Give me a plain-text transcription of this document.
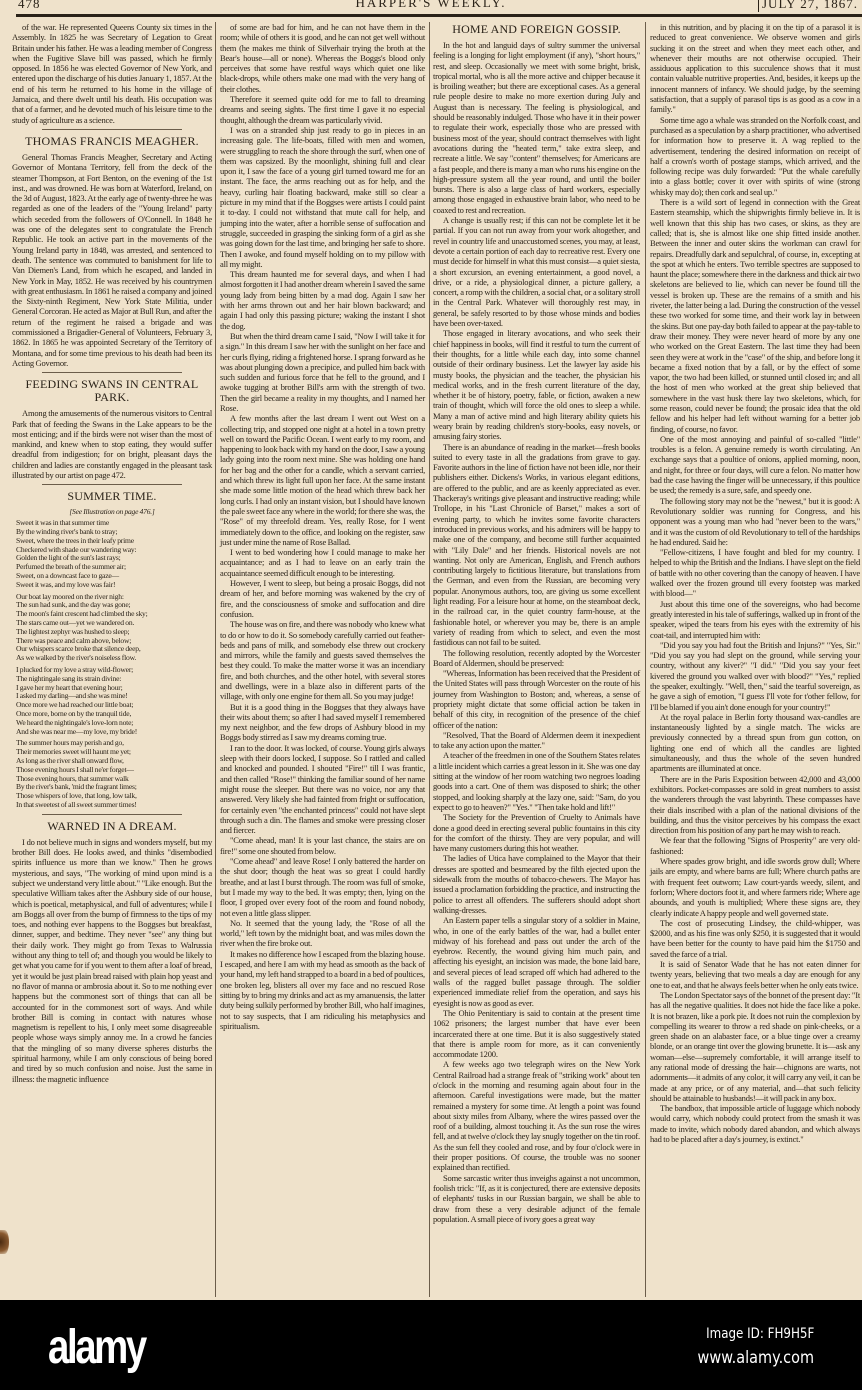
478	HARPER'S WEEKLY.	JULY 27, 1867.

of the war. He represented Queens County six times in the Assembly. In 1825 he was Secretary of Legation to Great Britain under his father. He was a leading member of Congress when the Fugitive Slave bill was passed, which he firmly opposed. In 1856 he was elected Governor of New York, and entered upon the discharge of his duties January 1, 1857. At the end of his term he returned to his home in the village of Jamaica, and there dwelt until his death. His occupation was that of a farmer, and he devoted much of his leisure time to the study of agriculture as a science.

THOMAS FRANCIS MEAGHER.

General Thomas Francis Meagher, Secretary and Acting Governor of Montana Territory, fell from the deck of the steamer Thompson, at Fort Benton, on the evening of the 1st inst., and was drowned. He was born at Waterford, Ireland, on the 3d of August, 1823. At the early age of twenty-three he was regarded as one of the leaders of the "Young Ireland" party which seceded from the followers of O'Connell. In 1848 he was one of the delegates sent to congratulate the French Republic. He took an active part in the movements of the Young Ireland party in 1848, was arrested, and sentenced to death. The sentence was commuted to banishment for life to Van Diemen's Land, from which he escaped, and landed in New York in May, 1852. He was received by his countrymen with great enthusiasm. In 1861 he raised a company and joined the Sixty-ninth Regiment, New York State Militia, under General Corcoran. He acted as Major at Bull Run, and after the return of the regiment he raised a brigade and was commissioned a Brigadier-General of Volunteers, February 3, 1862. In 1865 he was appointed Secretary of the Territory of Montana, and for some time previous to his death had been its Acting Governor.

FEEDING SWANS IN CENTRAL PARK.

Among the amusements of the numerous visitors to Central Park that of feeding the Swans in the Lake appears to be the most enticing; and if the birds were not wiser than the most of mankind, and knew when to stop eating, they would suffer dreadful from indigestion; for on bright, pleasant days the children and ladies are constantly engaged in the pleasant task illustrated by our artist on page 472.

SUMMER TIME.
[See Illustration on page 476.]
Sweet it was in that summer time
By the winding river's bank to stray;
Sweet, where the trees in their leafy prime
Checkered with shade our wandering way:
Golden the light of the sun's last rays;
Perfumed the breath of the summer air;
Sweet, on a downcast face to gaze—
Sweet it was, and my love was fair!
Our boat lay moored on the river nigh:
The sun had sunk, and the day was gone;
The moon's faint crescent had climbed the sky;
The stars came out—yet we wandered on.
The lightest zephyr was hushed to sleep;
There was peace and calm above, below;
Our whispers scarce broke that silence deep,
As we walked by the river's noiseless flow.
I plucked for my love a stray wild-flower;
The nightingale sang its strain divine:
I gave her my heart that evening hour;
I asked my darling—and she was mine!
Once more we had reached our little boat;
Once more, borne on by the tranquil tide,
We heard the nightingale's love-lorn note;
And she was near me—my love, my bride!
The summer hours may perish and go,
Their memories sweet will haunt me yet;
As long as the river shall onward flow,
Those evening hours I shall ne'er forget—
Those evening hours, that summer walk
By the river's bank, 'mid the fragrant limes;
Those whispers of love, that long, low talk,
In that sweetest of all sweet summer times!
WARNED IN A DREAM.

I do not believe much in signs and wonders myself, but my brother Bill does. He looks awed, and thinks "disembodied spirits influence us more than we know." Then he grows mysterious, and says, "The working of mind upon mind is a subject we understand very little about." "Like enough. But the speculative William takes after the Ashbury side of our house, which is poetical, metaphysical, and full of adventures; while I am Boggs all over from the bump of firmness to the tips of my toes, and nothing ever happens to the Boggses but breakfast, dinner, supper, and bedtime. They never "see" any thing but their daily work. They might go from Texas to Walrussia without any thing to tell of; and though you would be likely to get what you came for if you went to them after a loaf of bread, yet it would be just plain bread raised with plain hop yeast and no flavor of manna or ambrosia about it. So to me nothing ever happens but the commonest sort of things that can all be accounted for in the commonest sort of ways. And while brother Bill is coming in contact with natures whose magnetism is repellent to his, I only meet some disagreeable people whose ways simply annoy me. In a crowd he fancies that the mingling of so many diverse spheres disturbs the spiritual harmony, while I am only conscious of being bored and tired by so much confusion and noise. Just the same in illness: the magnetic influence

of some are bad for him, and he can not have them in the room; while of others it is good, and he can not get well without them (he makes me think of Silverhair trying the broth at the Bear's house—all or none). Whereas the Boggs's blood only perceives that some have restful ways which quiet one like black-drops, while others make one mad with the very hang of their clothes.

Therefore it seemed quite odd for me to fall to dreaming dreams and seeing sights. The first time I gave it no especial thought, although the dream was particularly vivid.

I was on a stranded ship just ready to go in pieces in an increasing gale. The life-boats, filled with men and women, were struggling to reach the shore through the surf, when one of them was capsized. By the moonlight, shining full and clear upon it, I saw the face of a young girl turned toward me for an instant. The face, the arms reaching out as for help, and the heavy, curling hair floating backward, make still so clear a picture in my mind that if the Boggses were artists I could paint it to-day. I could not withstand that mute call for help, and jumping into the water, after a horrible sense of suffocation and struggle, succeeded in grasping the sinking form of a girl as she was going down for the last time, and bringing her safe to shore. Then I awoke, and found myself holding on to my pillow with all my might.

This dream haunted me for several days, and when I had almost forgotten it I had another dream wherein I saved the same young lady from being bitten by a mad dog. Again I saw her with her arms thrown out and her hair blown backward; and again I had only this passing picture; waking the instant I shot the dog.

But when the third dream came I said, "Now I will take it for a sign." In this dream I saw her with the sunlight on her face and her curls flying, riding a frightened horse. I sprang forward as he was about plunging down a precipice, and pulled him back with such sudden and furious force that he fell to the ground, and I awoke tugging at brother Bill's arm with the strength of two. Then the girl became a reality in my thoughts, and I named her Rose.

A few months after the last dream I went out West on a collecting trip, and stopped one night at a hotel in a town pretty well on toward the Pacific Ocean. I went early to my room, and happening to look back with my hand on the door, I saw a young lady going into the room next mine. She was holding one hand for her bag and the other for a candle, which a servant carried, and which threw its light full upon her face. At the same instant she made some little motion of the head which threw back her long curls. I had only an instant vision, but I should have known the pale sweet face any where in the world; for there she was, the "Rose" of my threefold dream. Yes, really Rose, for I went immediately down to the office, and looking on the register, saw just under mine the name of Rose Ballad.

I went to bed wondering how I could manage to make her acquaintance; and as I had to leave on an early train the acquaintance seemed difficult enough to be interesting.

However, I went to sleep, but being a prosaic Boggs, did not dream of her, and before morning was wakened by the cry of fire, and the consciousness of smoke and suffocation and dire confusion.

The house was on fire, and there was nobody who knew what to do or how to do it. So somebody carefully carried out feather-beds and pans of milk, and somebody else threw out crockery and mirrors, while the family and guests saved themselves the best they could. To make the matter worse it was an incendiary fire, and both churches, and the other hotel, with several stores and dwellings, were in a blaze also in different parts of the village, with only one engine for them all. So you may judge!

But it is a good thing in the Boggses that they always have their wits about them; so after I had saved myself I remembered my next neighbor, and the few drops of Ashbury blood in my Boggs body stirred as I saw my dreams coming true.

I ran to the door. It was locked, of course. Young girls always sleep with their doors locked, I suppose. So I rattled and called and knocked and pounded. I shouted "Fire!" till I was frantic, and then called "Rose!" thinking the familiar sound of her name might rouse the sleeper. But there was no voice, nor any that answered. Very likely she had fainted from fright or suffocation, for certainly even "the enchanted princess" could not have slept through such a din. The flames and smoke were pressing closer and fiercer.

"Come ahead, man! It is your last chance, the stairs are on fire!" some one shouted from below.

"Come ahead" and leave Rose! I only battered the harder on the shut door; though the heat was so great I could hardly breathe, and at last I burst through. The room was full of smoke, but I made my way to the bed. It was empty; then, lying on the floor, I groped over every foot of the room and found nobody, not even a little glass slipper.

No. It seemed that the young lady, the "Rose of all the world," left town by the midnight boat, and was miles down the river when the fire broke out.

It makes no difference how I escaped from the blazing house. I escaped, and here I am with my head as smooth as the back of your hand, my left hand strapped to a board in a bed of poultices, one broken leg, blisters all over my face and no rescued Rose sitting by to bring my drinks and act as my amanuensis, the latter duty being sulkily performed by brother Bill, who half imagines, not to say suspects, that I am ridiculing his metaphysics and spiritualism.

HOME AND FOREIGN GOSSIP.

In the hot and languid days of sultry summer the universal feeling is a longing for light employment (if any), "short hours," rest, and sleep. Occasionally we meet with some bright, brisk, tropical mortal, who is all the more active and chipper because it is broiling weather; but there are exceptional cases. As a general rule people desire to make no more exertion during July and August than is necessary. The feeling is physiological, and should be reasonably indulged. Those who have it in their power to regulate their work, especially those who are pressed with business most of the year, should contract themselves with light avocations during the "heated term," take extra sleep, and recreate a little. We say "content" themselves; for Americans are a fast people, and there is many a man who runs his engine on the high-pressure system all the year round, and until the boiler bursts. There is also a large class of hard workers, especially among those engaged in exhaustive brain labor, who need to be coaxed to rest and recreation.

A change is usually rest; if this can not be complete let it be partial. If you can not run away from your work altogether, and revel in country life and unaccustomed scenes, you may, at least, devote a certain portion of each day to recreative rest. Every one must decide for himself in what this must consist—a quiet siesta, a short excursion, an evening entertainment, a good novel, a drive, or a ride, a physiological dinner, a picture gallery, a concert, a romp with the children, a social chat, or a solitary stroll in the Central Park. Whatever will thoroughly rest may, in general, be safely resorted to by those whose minds and bodies have been over-taxed.

Those engaged in literary avocations, and who seek their chief happiness in books, will find it restful to turn the current of their thoughts, for a little while each day, into some channel outside of their ordinary business. Let the lawyer lay aside his musty books, the physician and the teacher, the physician his medical works, and in the fresh current literature of the day, whether it be of history, poetry, fable, or fiction, awaken a new train of thought, which will force the old ones to sleep a while. Many a man of active mind and high literary ability quiets his weary brain by reading children's story-books, easy novels, or amusing fairy stories.

There is an abundance of reading in the market—fresh books suited to every taste in all the gradations from grave to gay. Favorite authors in the line of fiction have not been idle, nor their publishers either. Dickens's Works, in various elegant editions, are offered to the public, and are as keenly appreciated as ever. Thackeray's writings give pleasant and instructive reading; while Trollope, in his "Last Chronicle of Barset," makes a sort of evening party, to which he invites some favorite characters introduced in previous works, and his admirers will be happy to make one of the company, and become still further acquainted with "Lily Dale" and her friends. Historical novels are not wanting. Not only are American, English, and French authors contributing largely to fictitious literature, but translations from the German, and even from the Russian, are becoming very popular. Anonymous authors, too, are giving us some excellent light reading. For a leisure hour at home, on the steamboat deck, in the railroad car, in the quiet country farm-house, at the fashionable hotel, or wherever you may be, there is an ample variety of reading from which to select, and even the most fastidious can not fail to be suited.

The following resolution, recently adopted by the Worcester Board of Aldermen, should be preserved:

"Whereas, Information has been received that the President of the United States will pass through Worcester on the route of his journey from Washington to Boston; and, whereas, a sense of propriety might dictate that some official action be taken in behalf of this city, in recognition of the presence of the chief officer of the nation:

"Resolved, That the Board of Aldermen deem it inexpedient to take any action upon the matter."

A teacher of the freedmen in one of the Southern States relates a little incident which carries a great lesson in it. She was one day sitting at the window of her room watching two negroes loading goods into a cart. One of them was disposed to shirk; the other stopped, and looking sharply at the lazy one, said: "Sam, do you expect to go to heaven?" "Yes." "Then take hold and lift!"

The Society for the Prevention of Cruelty to Animals have done a good deed in erecting several public fountains in this city for the comfort of the thirsty. They are very popular, and will have many customers during this hot weather.

The ladies of Utica have complained to the Mayor that their dresses are spotted and besmeared by the filth ejected upon the sidewalk from the mouths of tobacco-chewers. The Mayor has issued a proclamation forbidding the practice, and instructing the police to arrest all offenders. The sufferers should adopt short walking-dresses.

An Eastern paper tells a singular story of a soldier in Maine, who, in one of the early battles of the war, had a bullet enter midway of his forehead and pass out under the arch of the eyebrow. Recently, the wound giving him much pain, and affecting his eyesight, an incision was made, the bone laid bare, and several pieces of lead scraped off which had adhered to the walls of the ragged bullet passage through. The soldier experienced immediate relief from the operation, and says his eyesight is now as good as ever.

The Ohio Penitentiary is said to contain at the present time 1062 prisoners; the largest number that have ever been incarcerated there at one time. But it is also suggestively stated that there is ample room for more, as it can conveniently accommodate 1200.

A few weeks ago two telegraph wires on the New York Central Railroad had a strange freak of "striking work" about ten o'clock in the morning and resuming again about four in the afternoon. Careful investigations were made, but the matter remained a mystery for some time. At length a point was found about sixty miles from Albany, where the wires passed over the roof of a building, almost touching it. As the sun rose the wires fell, and at twelve o'clock they lay snugly together on the tin roof. As the sun fell they cooled and rose, and by four o'clock were in their proper positions. Of course, the trouble was no sooner explained than rectified.

Some sarcastic writer thus inveighs against a not uncommon, foolish trick: "If, as it is conjectured, there are extensive deposits of elephants' tusks in our Russian bargain, we shall be able to draw from these a very desirable adjunct of the female population. A small piece of ivory goes a great way

in this nutrition, and by placing it on the tip of a parasol it is reduced to great convenience. We observe women and girls sucking it on the street and when they meet each other, and whenever their mouths are not otherwise occupied. Their assiduous application to this succulence shows that it must contain valuable nutritive properties. And, besides, it keeps up the innocent manners of infancy. We should judge, by the seeming satisfaction, that a supply of parasol tips is as good as a cow in a family."

Some time ago a whale was stranded on the Norfolk coast, and purchased as a speculation by a sharp practitioner, who advertised for information how to preserve it. A wag replied to the advertisement, tendering the desired information on receipt of half a crown's worth of postage stamps, which arrived, and the following recipe was duly forwarded: "Put the whale carefully into a glass bottle; cover it over with spirits of wine (strong whisky may do); then cork and seal up."

There is a wild sort of legend in connection with the Great Eastern steamship, which the shipwrights firmly believe in. It is well known that this ship has two cases, or skins, as they are called; that is, she is almost like one ship fitted inside another. Between the inner and outer skins the workman can crawl for repairs. Dreadfully dark and sepulchral, of course, in, excepting at the spot at which he enters. Two terrible spectres are supposed to haunt the place; somewhere there in the darkness and thick air two skeletons are believed to lie, which can never be found till the vessel is broken up. These are the remains of a smith and his riveter, the latter being a lad. During the construction of the vessel these two worked for some time, and their work lay in between the skins. But one pay-day both failed to appear at the pay-table to draw their money. They were never heard of more by any one who worked on the Great Eastern. The last time they had been seen they were at work in the "case" of the ship, and before long it became a fixed notion that by a fall, or by the effect of some vapor, the two had been killed, or stunned until closed in; and all the host of men who worked at the great ship believed that somewhere in the vast husk there lay two skeletons, which, for some reason, could never be found; the prosaic idea that the old fellow and his helper had left without warning for a better job finding, of course, no favor.

One of the most annoying and painful of so-called "little" troubles is a felon. A genuine remedy is worth circulating. An exchange says that a poultice of onions, applied morning, noon, and night, for three or four days, will cure a felon. No matter how bad the case having the finger will be unnecessary, if this poultice be used; the remedy is a sure, safe, and speedy one.

The following story may not be the "newest," but it is good: A Revolutionary soldier was running for Congress, and his opponent was a young man who had "never been to the wars," and it was the custom of old Revolutionary to tell of the hardships he had endured. Said he:

"Fellow-citizens, I have fought and bled for my country. I helped to whip the British and the Indians. I have slept on the field of battle with no other covering than the canopy of heaven. I have walked over the frozen ground till every footstep was marked with blood—"

Just about this time one of the sovereigns, who had become greatly interested in his tale of sufferings, walked up in front of the speaker, wiped the tears from his eyes with the extremity of his coat-tail, and interrupted him with:

"Did you say you had fout the British and Injuns?" "Yes, Sir." "Did you say you had slept on the ground, while serving your country, without any kiver?" "I did." "Did you say your feet kivered the ground you walked over with blood?" "Yes," replied the speaker, exultingly. "Well, then," said the tearful sovereign, as he gave a sigh of emotion, "I guess I'll vote for t'other fellow, for I'll be blamed if you ain't done enough for your country!"

At the royal palace in Berlin forty thousand wax-candles are instantaneously lighted by a single match. The wicks are previously connected by a thread spun from gun cotton, on lighting one end of which all the candles are lighted simultaneously, and thus the whole of the seven hundred apartments are illuminated at once.

There are in the Paris Exposition between 42,000 and 43,000 exhibitors. Pocket-compasses are sold in great numbers to assist the wanderers through the vast labyrinth. These compasses have their dials inscribed with a plan of the national divisions of the building, and thus the visitor perceives by his compass the exact direction from his position of any part he may wish to reach.

We fear that the following "Signs of Prosperity" are very old-fashioned:

Where spades grow bright, and idle swords grow dull; Where jails are empty, and where barns are full; Where church paths are with frequent feet outworn; Law court-yards weedy, silent, and forlorn; Where doctors foot it, and where farmers ride; Where age abounds, and youth is multiplied; Where these signs are, they clearly indicate A happy people and well governed state.

The cost of prosecuting Lindsey, the child-whipper, was $2000, and as his fine was only $250, it is suggested that it would have been better for the county to have paid him the $1750 and saved the farce of a trial.

It is said of Senator Wade that he has not eaten dinner for twenty years, believing that two meals a day are enough for any one to eat, and that he always feels better when he only eats twice.

The London Spectator says of the bonnet of the present day: "It has all the negative qualities. It does not hide the face like a poke. It is not brazen, like a pork pie. It does not ruin the complexion by compelling its wearer to throw a red shade on pink-cheeks, or a green shade on an alabaster face, or a blue tinge over a creamy blonde, or an orange tint over the glowing brunette. It is—ask any woman—else—supremely comfortable, it will arrange itself to any rational mode of dressing the hair—chignons are warts, not adornments—it admits of any color, it will carry any veil, it can be made at any price, or of any material, and—that such felicity should be attainable to husbands!—it will pack in any box.

The bandbox, that impossible article of luggage which nobody would carry, which nobody could protect from the smash it was made to invite, which nobody dared abandon, and which always had to be placed after a day's journey, is extinct."

alamy	Image ID: FH9H5F
www.alamy.com
